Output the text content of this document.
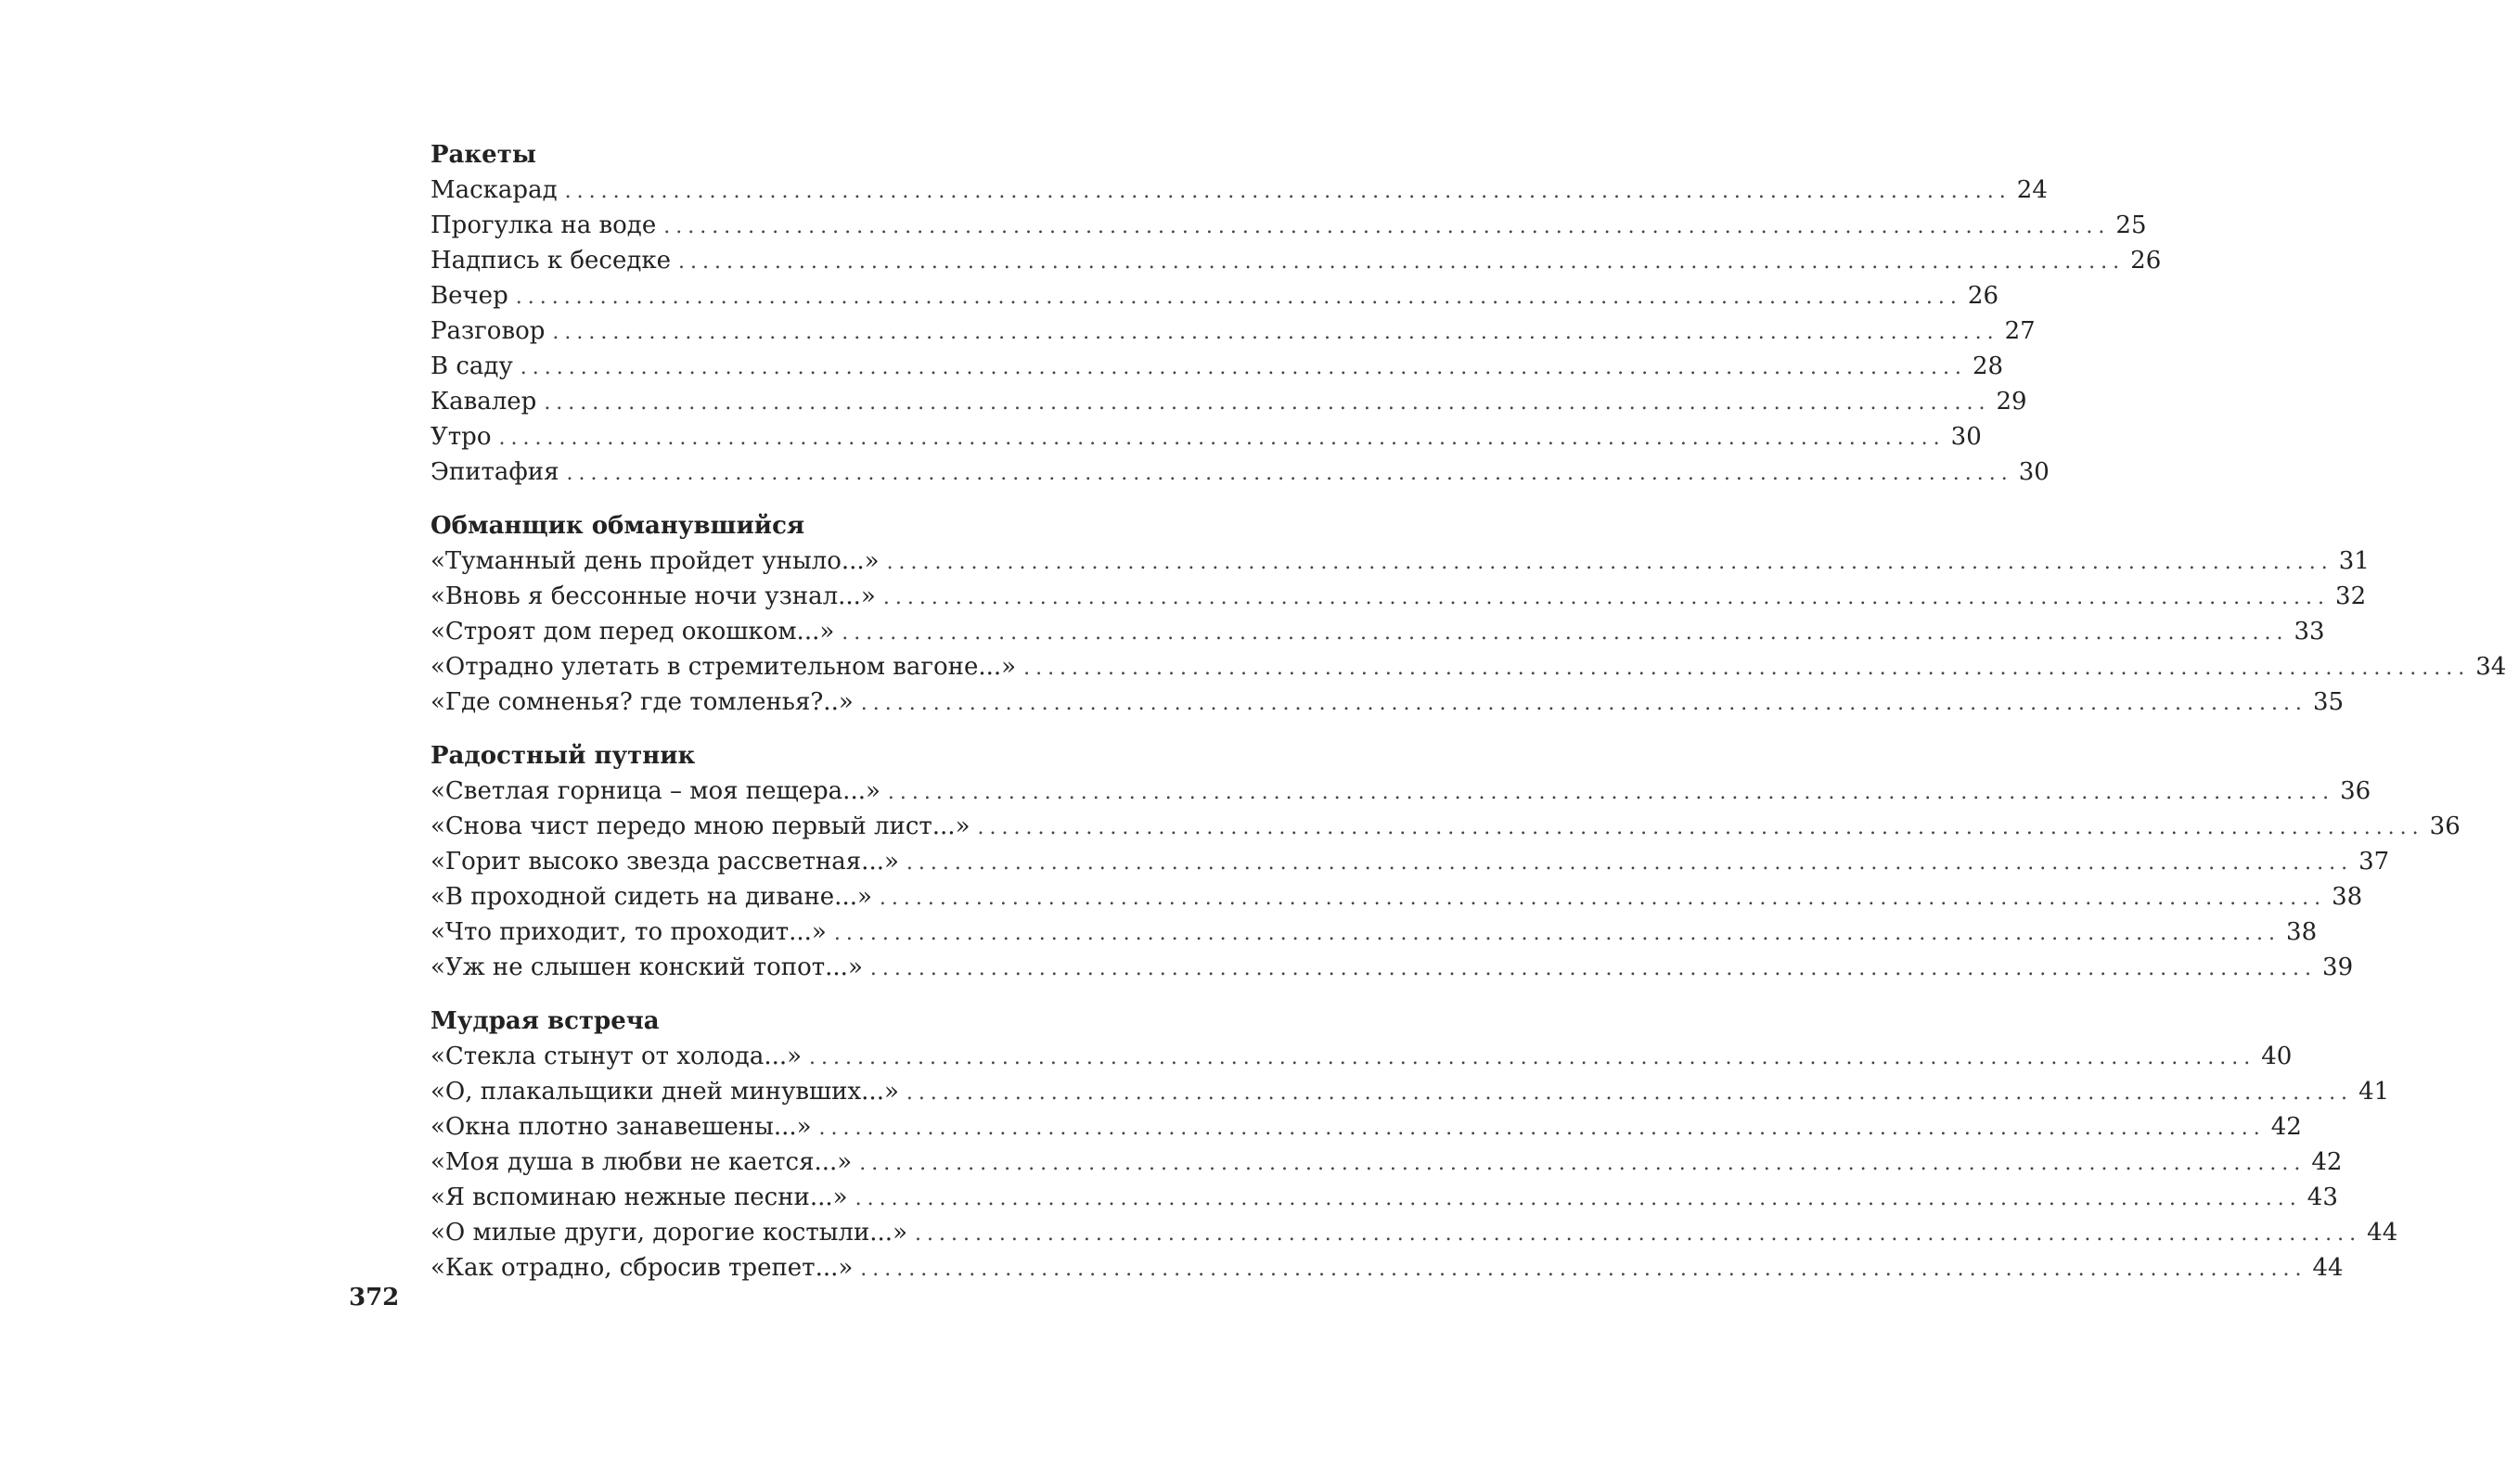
Ракеты
Маскарад ........................................................................................................................ 24
Прогулка на воде ........................................................................................................................ 25
Надпись к беседке ........................................................................................................................ 26
Вечер ........................................................................................................................ 26
Разговор ........................................................................................................................ 27
В саду ........................................................................................................................ 28
Кавалер ........................................................................................................................ 29
Утро ........................................................................................................................ 30
Эпитафия ........................................................................................................................ 30
Обманщик обманувшийся
«Туманный день пройдет уныло...» ........................................................................................................................ 31
«Вновь я бессонные ночи узнал...» ........................................................................................................................ 32
«Строят дом перед окошком...» ........................................................................................................................ 33
«Отрадно улетать в стремительном вагоне...» ........................................................................................................................ 34
«Где сомненья? где томленья?..» ........................................................................................................................ 35
Радостный путник
«Светлая горница – моя пещера...» ........................................................................................................................ 36
«Снова чист передо мною первый лист...» ........................................................................................................................ 36
«Горит высоко звезда рассветная...» ........................................................................................................................ 37
«В проходной сидеть на диване...» ........................................................................................................................ 38
«Что приходит, то проходит...» ........................................................................................................................ 38
«Уж не слышен конский топот...» ........................................................................................................................ 39
Мудрая встреча
«Стекла стынут от холода...» ........................................................................................................................ 40
«О, плакальщики дней минувших...» ........................................................................................................................ 41
«Окна плотно занавешены...» ........................................................................................................................ 42
«Моя душа в любви не кается...» ........................................................................................................................ 42
«Я вспоминаю нежные песни...» ........................................................................................................................ 43
«О милые други, дорогие костыли...» ........................................................................................................................ 44
«Как отрадно, сбросив трепет...» ........................................................................................................................ 44
372
